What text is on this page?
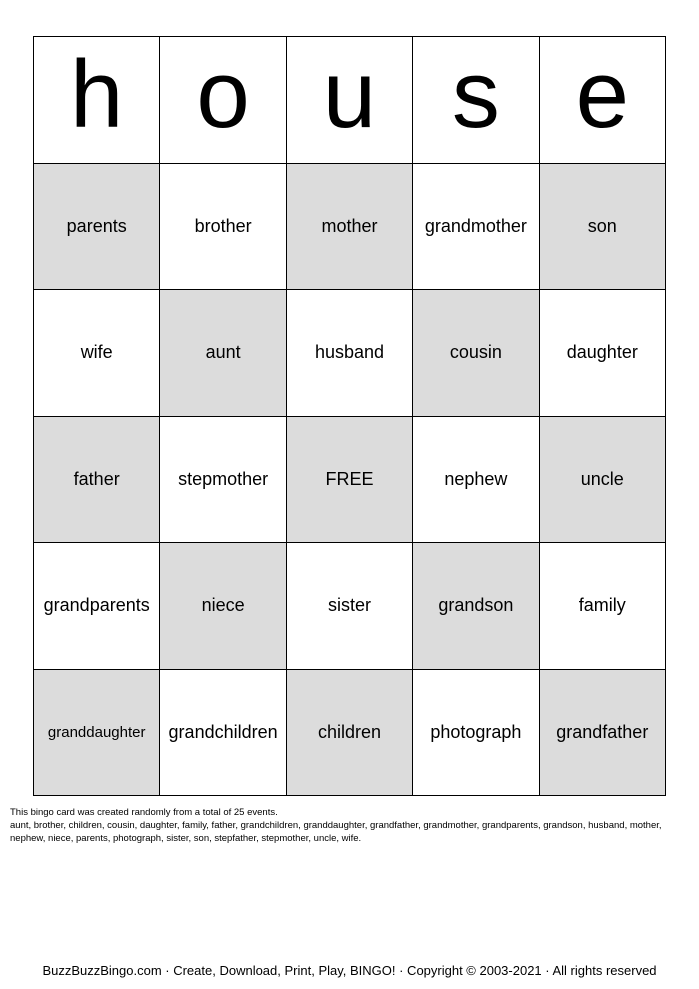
h o u s e
parents	brother	mother	grandmother	son
wife	aunt	husband	cousin	daughter
father	stepmother	FREE	nephew	uncle
grandparents	niece	sister	grandson	family
granddaughter	grandchildren	children	photograph	grandfather
This bingo card was created randomly from a total of 25 events.
aunt, brother, children, cousin, daughter, family, father, grandchildren, granddaughter, grandfather, grandmother, grandparents, grandson, husband, mother, nephew, niece, parents, photograph, sister, son, stepfather, stepmother, uncle, wife.
BuzzBuzzBingo.com · Create, Download, Print, Play, BINGO! · Copyright © 2003-2021 · All rights reserved
